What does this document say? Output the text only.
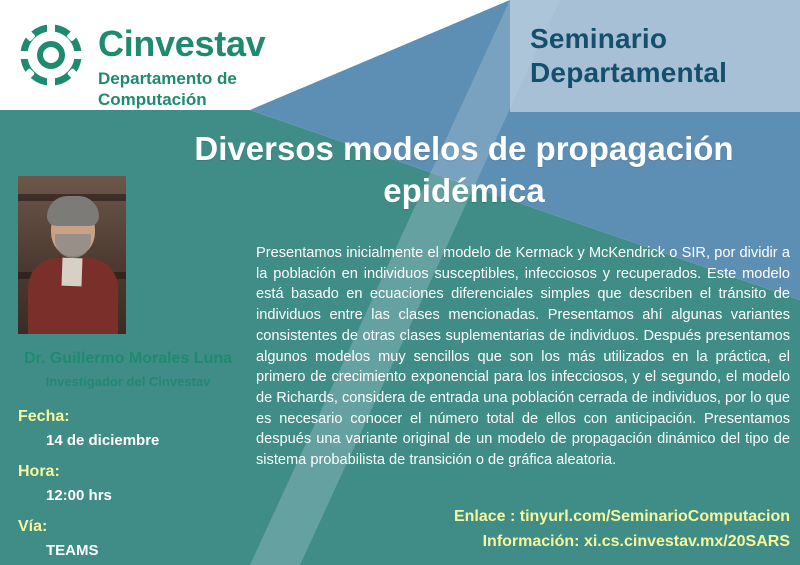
Cinvestav
Departamento de
Computación
Seminario
Departamental
Diversos modelos de propagación epidémica
Dr. Guillermo Morales Luna
Investigador del Cinvestav
Fecha:
14 de diciembre
Hora:
12:00 hrs
Vía:
TEAMS
Presentamos inicialmente el modelo de Kermack y McKendrick o SIR, por dividir a la población en individuos susceptibles, infecciosos y recuperados. Este modelo está basado en ecuaciones diferenciales simples que describen el tránsito de individuos entre las clases mencionadas. Presentamos ahí algunas variantes consistentes de otras clases suplementarias de individuos. Después presentamos algunos modelos muy sencillos que son los más utilizados en la práctica, el primero de crecimiento exponencial para los infecciosos, y el segundo, el modelo de Richards, considera de entrada una población cerrada de individuos, por lo que es necesario conocer el número total de ellos con anticipación. Presentamos después una variante original de un modelo de propagación dinámico del tipo de sistema probabilista de transición o de gráfica aleatoria.
Enlace : tinyurl.com/SeminarioComputacion
Información: xi.cs.cinvestav.mx/20SARS
